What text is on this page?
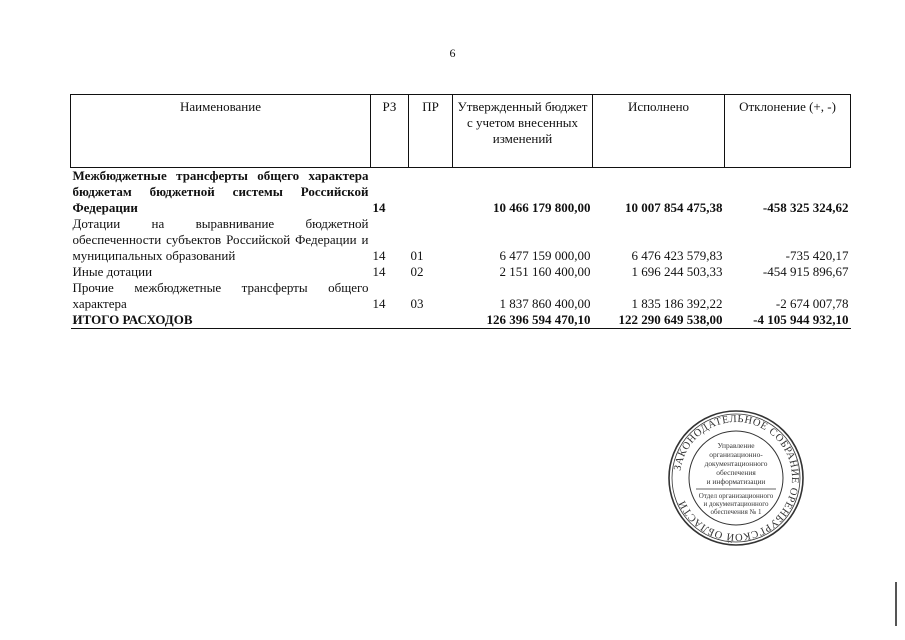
6
Наименование	РЗ	ПР	Утвержденный бюджет с учетом внесенных изменений	Исполнено	Отклонение (+, -)
Межбюджетные трансферты общего характера бюджетам бюджетной системы Российской Федерации	14		10 466 179 800,00	10 007 854 475,38	-458 325 324,62
Дотации на выравнивание бюджетной обеспеченности субъектов Российской Федерации и муниципальных образований	14	01	6 477 159 000,00	6 476 423 579,83	-735 420,17
Иные дотации	14	02	2 151 160 400,00	1 696 244 503,33	-454 915 896,67
Прочие межбюджетные трансферты общего характера	14	03	1 837 860 400,00	1 835 186 392,22	-2 674 007,78
ИТОГО РАСХОДОВ			126 396 594 470,10	122 290 649 538,00	-4 105 944 932,10
ЗАКОНОДАТЕЛЬНОЕ СОБРАНИЕ ОРЕНБУРГСКОЙ ОБЛАСТИ
Управление
организационно-
документационного
обеспечения
и информатизации
Отдел организационного
и документационного
обеспечения № 1
